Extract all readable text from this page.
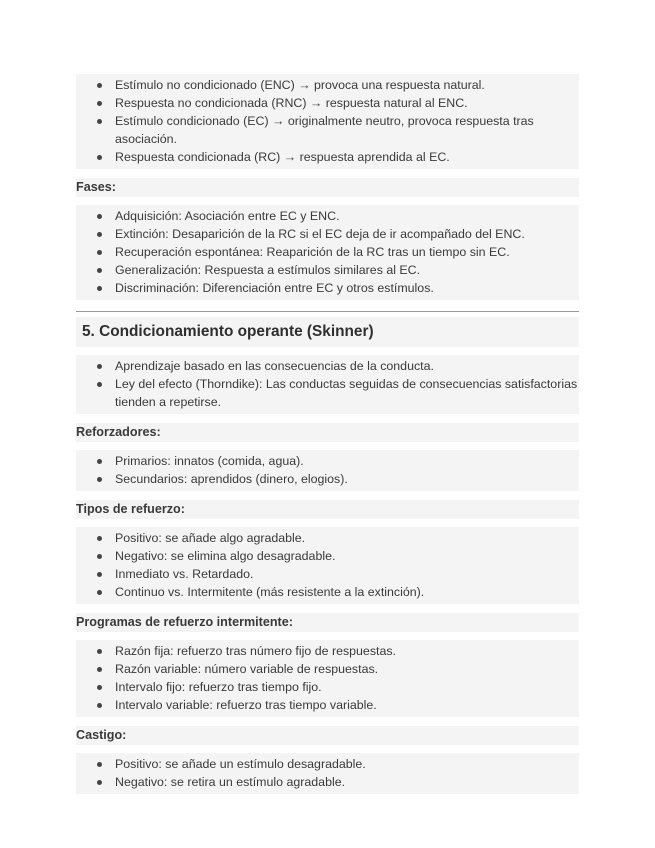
Estímulo no condicionado (ENC) → provoca una respuesta natural.
Respuesta no condicionada (RNC) → respuesta natural al ENC.
Estímulo condicionado (EC) → originalmente neutro, provoca respuesta tras asociación.
Respuesta condicionada (RC) → respuesta aprendida al EC.
Fases:
Adquisición: Asociación entre EC y ENC.
Extinción: Desaparición de la RC si el EC deja de ir acompañado del ENC.
Recuperación espontánea: Reaparición de la RC tras un tiempo sin EC.
Generalización: Respuesta a estímulos similares al EC.
Discriminación: Diferenciación entre EC y otros estímulos.
5. Condicionamiento operante (Skinner)
Aprendizaje basado en las consecuencias de la conducta.
Ley del efecto (Thorndike): Las conductas seguidas de consecuencias satisfactorias tienden a repetirse.
Reforzadores:
Primarios: innatos (comida, agua).
Secundarios: aprendidos (dinero, elogios).
Tipos de refuerzo:
Positivo: se añade algo agradable.
Negativo: se elimina algo desagradable.
Inmediato vs. Retardado.
Continuo vs. Intermitente (más resistente a la extinción).
Programas de refuerzo intermitente:
Razón fija: refuerzo tras número fijo de respuestas.
Razón variable: número variable de respuestas.
Intervalo fijo: refuerzo tras tiempo fijo.
Intervalo variable: refuerzo tras tiempo variable.
Castigo:
Positivo: se añade un estímulo desagradable.
Negativo: se retira un estímulo agradable.
